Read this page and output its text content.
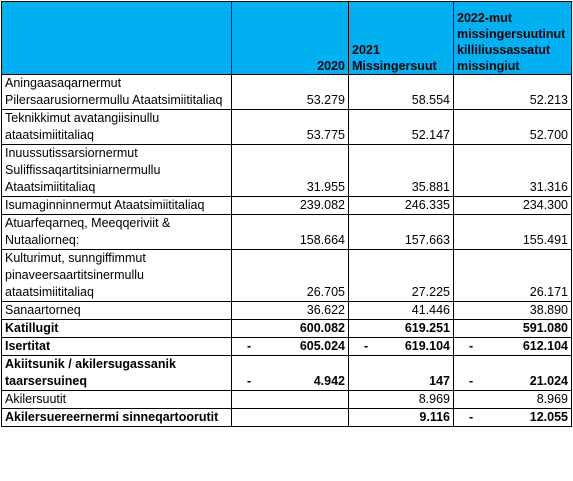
	2020	2021 Missingersuut	2022-mut missingersuutinut killiliussassatut missingiut
Aningaasaqarnermut Pilersaarusiornermullu Ataatsimiititaliaq	53.279	58.554	52.213
Teknikkimut avatangiisinullu ataatsimiititaliaq	53.775	52.147	52.700
Inuussutissarsiornermut Suliffissaqartitsiniarnermullu Ataatsimiititaliaq	31.955	35.881	31.316
Isumaginninnermut Ataatsimiititaliaq	239.082	246.335	234.300
Atuarfeqarneq, Meeqqeriviit & Nutaaliorneq:	158.664	157.663	155.491
Kulturimut, sunngiffimmut pinaveersaartitsinermullu ataatsimiititaliaq	26.705	27.225	26.171
Sanaartorneq	36.622	41.446	38.890
Katillugit	600.082	619.251	591.080
Isertitat	- 605.024	- 619.104	- 612.104

Akiitsunik / akilersugassanik taarsersuineq	- 4.942	147	- 21.024

Akilersuutit		8.969	8.969
Akilersuereernermi sinneqartoorutit		9.116	- 12.055
